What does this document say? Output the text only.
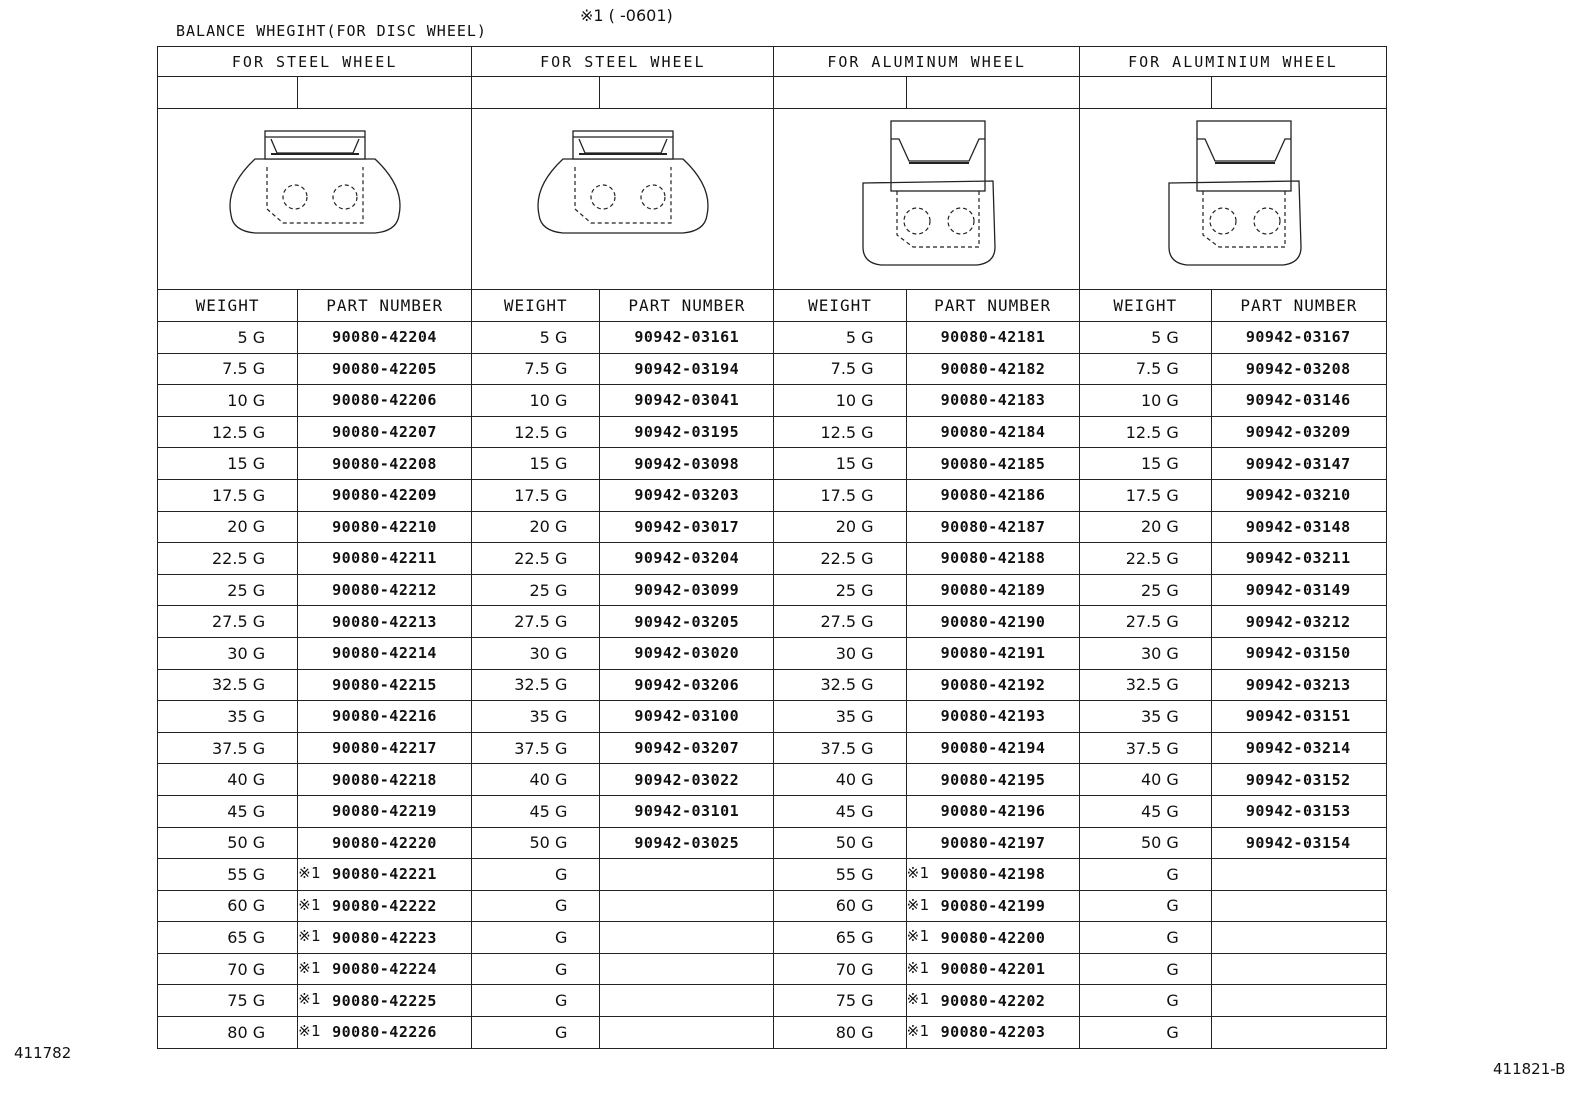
※1 ( -0601)
BALANCE WHEGIHT(FOR DISC WHEEL)
FOR STEEL WHEEL		FOR STEEL WHEEL		FOR ALUMINUM WHEEL		FOR ALUMINIUM WHEEL	

WEIGHT	PART NUMBER	WEIGHT	PART NUMBER	WEIGHT	PART NUMBER	WEIGHT	PART NUMBER
5 G	90080-42204	5 G	90942-03161	5 G	90080-42181	5 G	90942-03167
7.5 G	90080-42205	7.5 G	90942-03194	7.5 G	90080-42182	7.5 G	90942-03208
10 G	90080-42206	10 G	90942-03041	10 G	90080-42183	10 G	90942-03146
12.5 G	90080-42207	12.5 G	90942-03195	12.5 G	90080-42184	12.5 G	90942-03209
15 G	90080-42208	15 G	90942-03098	15 G	90080-42185	15 G	90942-03147
17.5 G	90080-42209	17.5 G	90942-03203	17.5 G	90080-42186	17.5 G	90942-03210
20 G	90080-42210	20 G	90942-03017	20 G	90080-42187	20 G	90942-03148
22.5 G	90080-42211	22.5 G	90942-03204	22.5 G	90080-42188	22.5 G	90942-03211
25 G	90080-42212	25 G	90942-03099	25 G	90080-42189	25 G	90942-03149
27.5 G	90080-42213	27.5 G	90942-03205	27.5 G	90080-42190	27.5 G	90942-03212
30 G	90080-42214	30 G	90942-03020	30 G	90080-42191	30 G	90942-03150
32.5 G	90080-42215	32.5 G	90942-03206	32.5 G	90080-42192	32.5 G	90942-03213
35 G	90080-42216	35 G	90942-03100	35 G	90080-42193	35 G	90942-03151
37.5 G	90080-42217	37.5 G	90942-03207	37.5 G	90080-42194	37.5 G	90942-03214
40 G	90080-42218	40 G	90942-03022	40 G	90080-42195	40 G	90942-03152
45 G	90080-42219	45 G	90942-03101	45 G	90080-42196	45 G	90942-03153
50 G	90080-42220	50 G	90942-03025	50 G	90080-42197	50 G	90942-03154
55 G	※1 90080-42221	G		55 G	※1 90080-42198	G	
60 G	※1 90080-42222	G		60 G	※1 90080-42199	G	
65 G	※1 90080-42223	G		65 G	※1 90080-42200	G	
70 G	※1 90080-42224	G		70 G	※1 90080-42201	G	
75 G	※1 90080-42225	G		75 G	※1 90080-42202	G	
80 G	※1 90080-42226	G		80 G	※1 90080-42203	G	
411782
411821-B
